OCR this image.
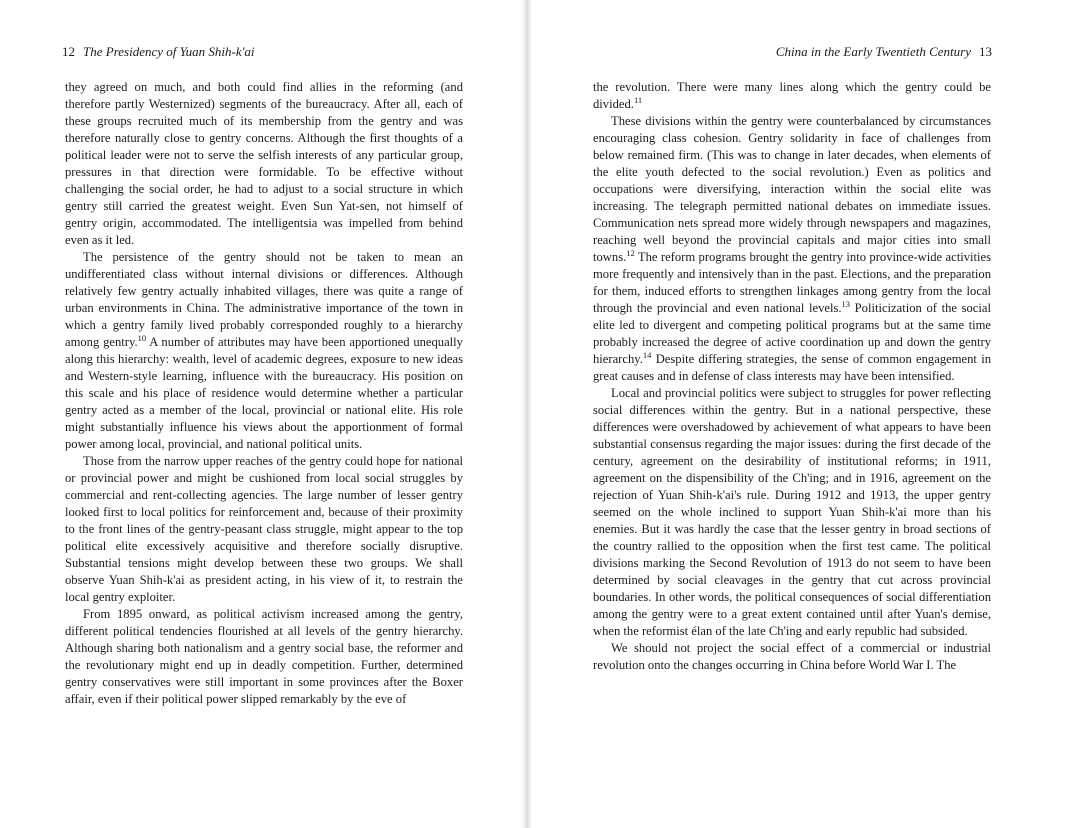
12 The Presidency of Yuan Shih-k'ai

they agreed on much, and both could find allies in the reforming (and therefore partly Westernized) segments of the bureaucracy. After all, each of these groups recruited much of its membership from the gentry and was therefore naturally close to gentry concerns. Although the first thoughts of a political leader were not to serve the selfish interests of any particular group, pressures in that direction were formidable. To be effective without challenging the social order, he had to adjust to a social structure in which gentry still carried the greatest weight. Even Sun Yat-sen, not himself of gentry origin, accommodated. The intelligentsia was impelled from behind even as it led.

The persistence of the gentry should not be taken to mean an undifferentiated class without internal divisions or differences. Although relatively few gentry actually inhabited villages, there was quite a range of urban environments in China. The administrative importance of the town in which a gentry family lived probably corresponded roughly to a hierarchy among gentry.$^{10}$ A number of attributes may have been apportioned unequally along this hierarchy: wealth, level of academic degrees, exposure to new ideas and Western-style learning, influence with the bureaucracy. His position on this scale and his place of residence would determine whether a particular gentry acted as a member of the local, provincial or national elite. His role might substantially influence his views about the apportionment of formal power among local, provincial, and national political units.

Those from the narrow upper reaches of the gentry could hope for national or provincial power and might be cushioned from local social struggles by commercial and rent-collecting agencies. The large number of lesser gentry looked first to local politics for reinforcement and, because of their proximity to the front lines of the gentry-peasant class struggle, might appear to the top political elite excessively acquisitive and therefore socially disruptive. Substantial tensions might develop between these two groups. We shall observe Yuan Shih-k'ai as president acting, in his view of it, to restrain the local gentry exploiter.

From 1895 onward, as political activism increased among the gentry, different political tendencies flourished at all levels of the gentry hierarchy. Although sharing both nationalism and a gentry social base, the reformer and the revolutionary might end up in deadly competition. Further, determined gentry conservatives were still important in some provinces after the Boxer affair, even if their political power slipped remarkably by the eve of

China in the Early Twentieth Century 13

the revolution. There were many lines along which the gentry could be divided.$^{11}$

These divisions within the gentry were counterbalanced by circumstances encouraging class cohesion. Gentry solidarity in face of challenges from below remained firm. (This was to change in later decades, when elements of the elite youth defected to the social revolution.) Even as politics and occupations were diversifying, interaction within the social elite was increasing. The telegraph permitted national debates on immediate issues. Communication nets spread more widely through newspapers and magazines, reaching well beyond the provincial capitals and major cities into small towns.$^{12}$ The reform programs brought the gentry into province-wide activities more frequently and intensively than in the past. Elections, and the preparation for them, induced efforts to strengthen linkages among gentry from the local through the provincial and even national levels.$^{13}$ Politicization of the social elite led to divergent and competing political programs but at the same time probably increased the degree of active coordination up and down the gentry hierarchy.$^{14}$ Despite differing strategies, the sense of common engagement in great causes and in defense of class interests may have been intensified.

Local and provincial politics were subject to struggles for power reflecting social differences within the gentry. But in a national perspective, these differences were overshadowed by achievement of what appears to have been substantial consensus regarding the major issues: during the first decade of the century, agreement on the desirability of institutional reforms; in 1911, agreement on the dispensibility of the Ch'ing; and in 1916, agreement on the rejection of Yuan Shih-k'ai's rule. During 1912 and 1913, the upper gentry seemed on the whole inclined to support Yuan Shih-k'ai more than his enemies. But it was hardly the case that the lesser gentry in broad sections of the country rallied to the opposition when the first test came. The political divisions marking the Second Revolution of 1913 do not seem to have been determined by social cleavages in the gentry that cut across provincial boundaries. In other words, the political consequences of social differentiation among the gentry were to a great extent contained until after Yuan's demise, when the reformist élan of the late Ch'ing and early republic had subsided.

We should not project the social effect of a commercial or industrial revolution onto the changes occurring in China before World War I. The
